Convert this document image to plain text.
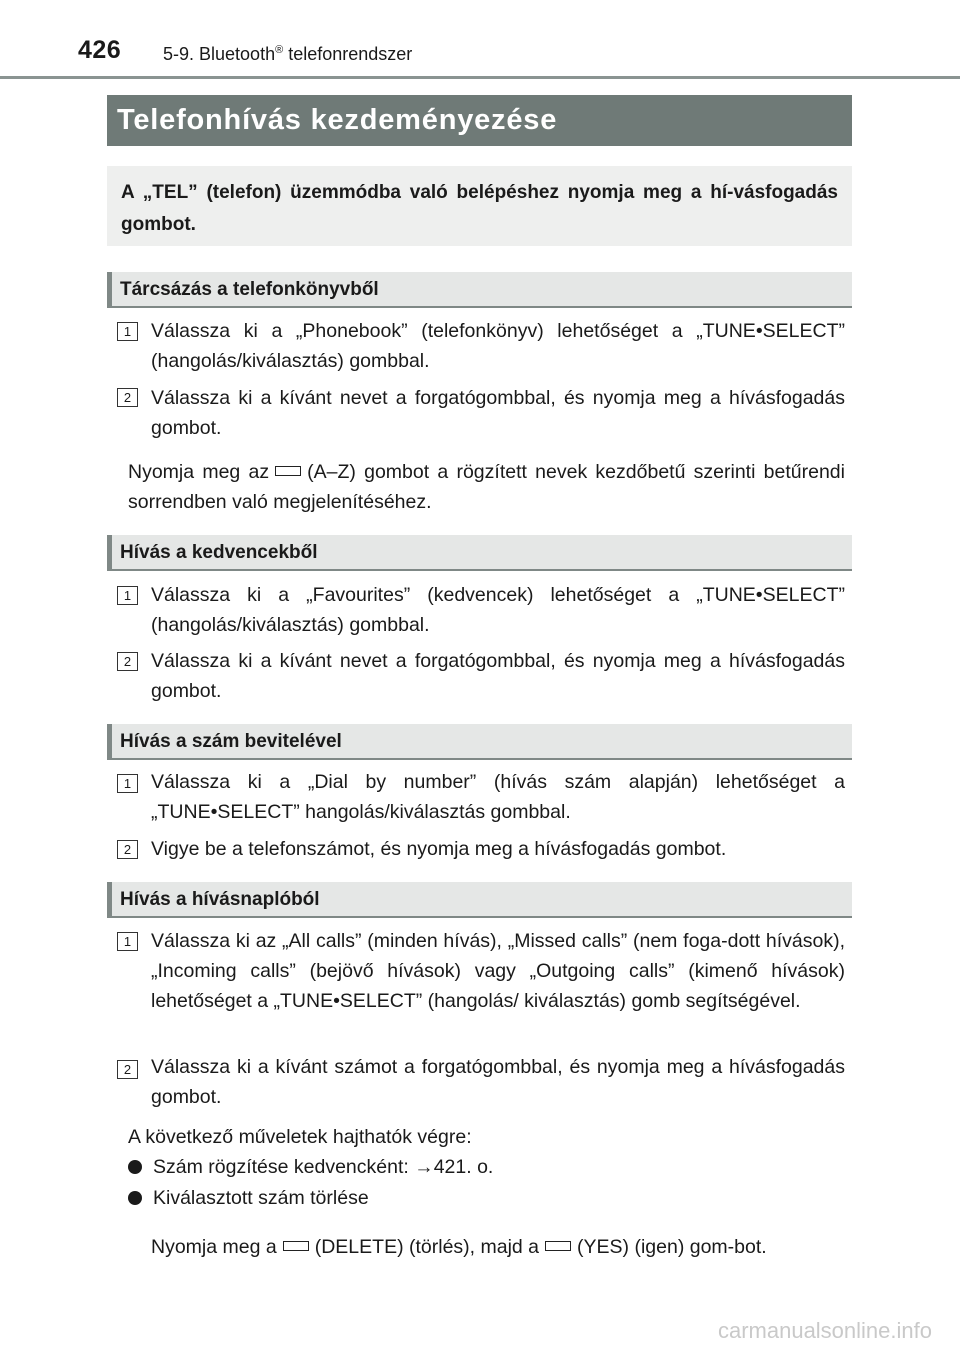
426 5-9. Bluetooth® telefonrendszer
Telefonhívás kezdeményezése
A „TEL” (telefon) üzemmódba való belépéshez nyomja meg a hí-vásfogadás gombot.
Tárcsázás a telefonkönyvből
1	Válassza ki a „Phonebook” (telefonkönyv) lehetőséget a „TUNE•SELECT” (hangolás/kiválasztás) gombbal.
2	Válassza ki a kívánt nevet a forgatógombbal, és nyomja meg a hívásfogadás gombot.
Nyomja meg az (A–Z) gombot a rögzített nevek kezdőbetű szerinti betűrendi sorrendben való megjelenítéséhez.
Hívás a kedvencekből
1	Válassza ki a „Favourites” (kedvencek) lehetőséget a „TUNE•SELECT” (hangolás/kiválasztás) gombbal.
2	Válassza ki a kívánt nevet a forgatógombbal, és nyomja meg a hívásfogadás gombot.
Hívás a szám bevitelével
1	Válassza ki a „Dial by number” (hívás szám alapján) lehetőséget a „TUNE•SELECT” hangolás/kiválasztás gombbal.
2	Vigye be a telefonszámot, és nyomja meg a hívásfogadás gombot.
Hívás a hívásnaplóból
1	Válassza ki az „All calls” (minden hívás), „Missed calls” (nem foga-dott hívások), „Incoming calls” (bejövő hívások) vagy „Outgoing calls” (kimenő hívások) lehetőséget a „TUNE•SELECT” (hangolás/ kiválasztás) gomb segítségével.
2	Válassza ki a kívánt számot a forgatógombbal, és nyomja meg a hívásfogadás gombot.
A következő műveletek hajthatók végre:
Szám rögzítése kedvencként: →421. o.
Kiválasztott szám törlése
Nyomja meg a (DELETE) (törlés), majd a (YES) (igen) gom-bot.
carmanualsonline.info
